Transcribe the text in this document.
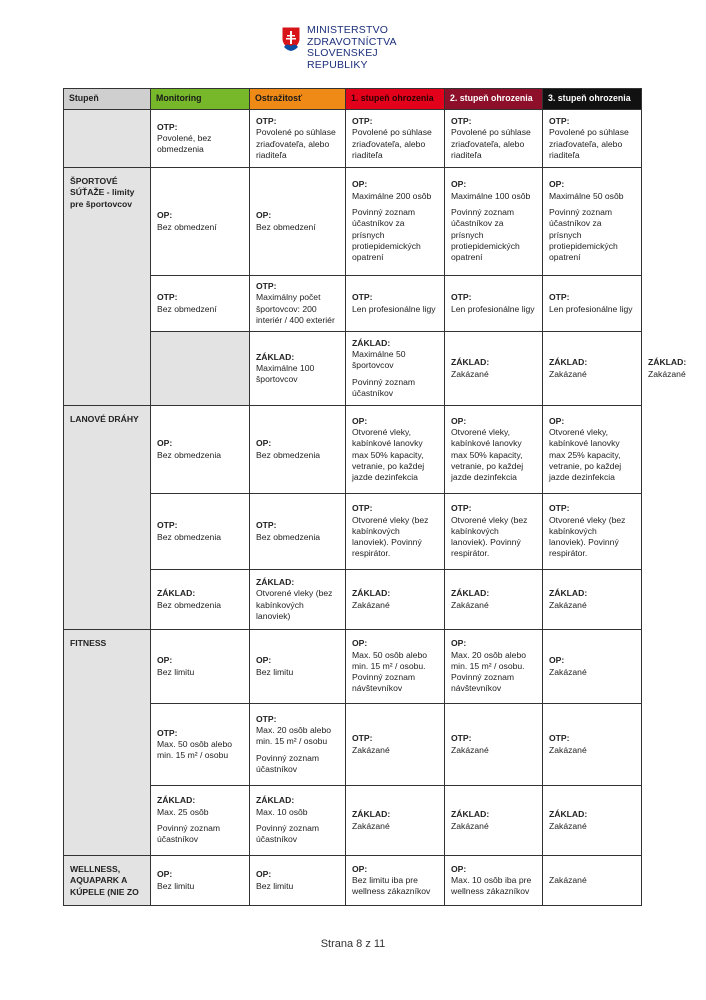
MINISTERSTVO
ZDRAVOTNÍCTVA
SLOVENSKEJ REPUBLIKY
Stupeň	Monitoring	Ostražitosť	1. stupeň ohrozenia	2. stupeň ohrozenia	3. stupeň ohrozenia	

	OTP:
Povolené, bez obmedzenia	OTP:
Povolené po súhlase zriaďovateľa, alebo riaditeľa	OTP:
Povolené po súhlase zriaďovateľa, alebo riaditeľa	OTP:
Povolené po súhlase zriaďovateľa, alebo riaditeľa	OTP:
Povolené po súhlase zriaďovateľa, alebo riaditeľa	

ŠPORTOVÉ SÚŤAŽE - limity pre športovcov	OP:
Bez obmedzení	OP:
Bez obmedzení	OP:
Maximálne 200 osôb
Povinný zoznam účastníkov za prísnych protiepidemických opatrení	OP:
Maximálne 100 osôb
Povinný zoznam účastníkov za prísnych protiepidemických opatrení	OP:
Maximálne 50 osôb
Povinný zoznam účastníkov za prísnych protiepidemických opatrení	

	OTP:
Bez obmedzení	OTP:
Maximálny počet športovcov: 200 interiér / 400 exteriér	OTP:
Len profesionálne ligy	OTP:
Len profesionálne ligy	OTP:
Len profesionálne ligy	

		ZÁKLAD:
Maximálne 100 športovcov	ZÁKLAD:
Maximálne 50 športovcov
Povinný zoznam účastníkov	ZÁKLAD:
Zakázané	ZÁKLAD:
Zakázané	ZÁKLAD:
Zakázané

LANOVÉ DRÁHY	OP:
Bez obmedzenia	OP:
Bez obmedzenia	OP:
Otvorené vleky, kabínkové lanovky max 50% kapacity, vetranie, po každej jazde dezinfekcia	OP:
Otvorené vleky, kabínkové lanovky max 50% kapacity, vetranie, po každej jazde dezinfekcia	OP:
Otvorené vleky, kabínkové lanovky max 25% kapacity, vetranie, po každej jazde dezinfekcia	

	OTP:
Bez obmedzenia	OTP:
Bez obmedzenia	OTP:
Otvorené vleky (bez kabínkových lanoviek). Povinný respirátor.	OTP:
Otvorené vleky (bez kabínkových lanoviek). Povinný respirátor.	OTP:
Otvorené vleky (bez kabínkových lanoviek). Povinný respirátor.	

	ZÁKLAD:
Bez obmedzenia	ZÁKLAD:
Otvorené vleky (bez kabínkových lanoviek)	ZÁKLAD:
Zakázané	ZÁKLAD:
Zakázané	ZÁKLAD:
Zakázané	

FITNESS	OP:
Bez limitu	OP:
Bez limitu	OP:
Max. 50 osôb alebo min. 15 m² / osobu. Povinný zoznam návštevníkov	OP:
Max. 20 osôb alebo min. 15 m² / osobu. Povinný zoznam návštevníkov	OP:
Zakázané	

	OTP:
Max. 50 osôb alebo min. 15 m² / osobu	OTP:
Max. 20 osôb alebo min. 15 m² / osobu
Povinný zoznam účastníkov	OTP:
Zakázané	OTP:
Zakázané	OTP:
Zakázané	

	ZÁKLAD:
Max. 25 osôb
Povinný zoznam účastníkov	ZÁKLAD:
Max. 10 osôb
Povinný zoznam účastníkov	ZÁKLAD:
Zakázané	ZÁKLAD:
Zakázané	ZÁKLAD:
Zakázané	

WELLNESS, AQUAPARK A KÚPELE (NIE ZO	OP:
Bez limitu	OP:
Bez limitu	OP:
Bez limitu iba pre wellness zákazníkov	OP:
Max. 10 osôb iba pre wellness zákazníkov	Zakázané	
Strana 8 z 11
